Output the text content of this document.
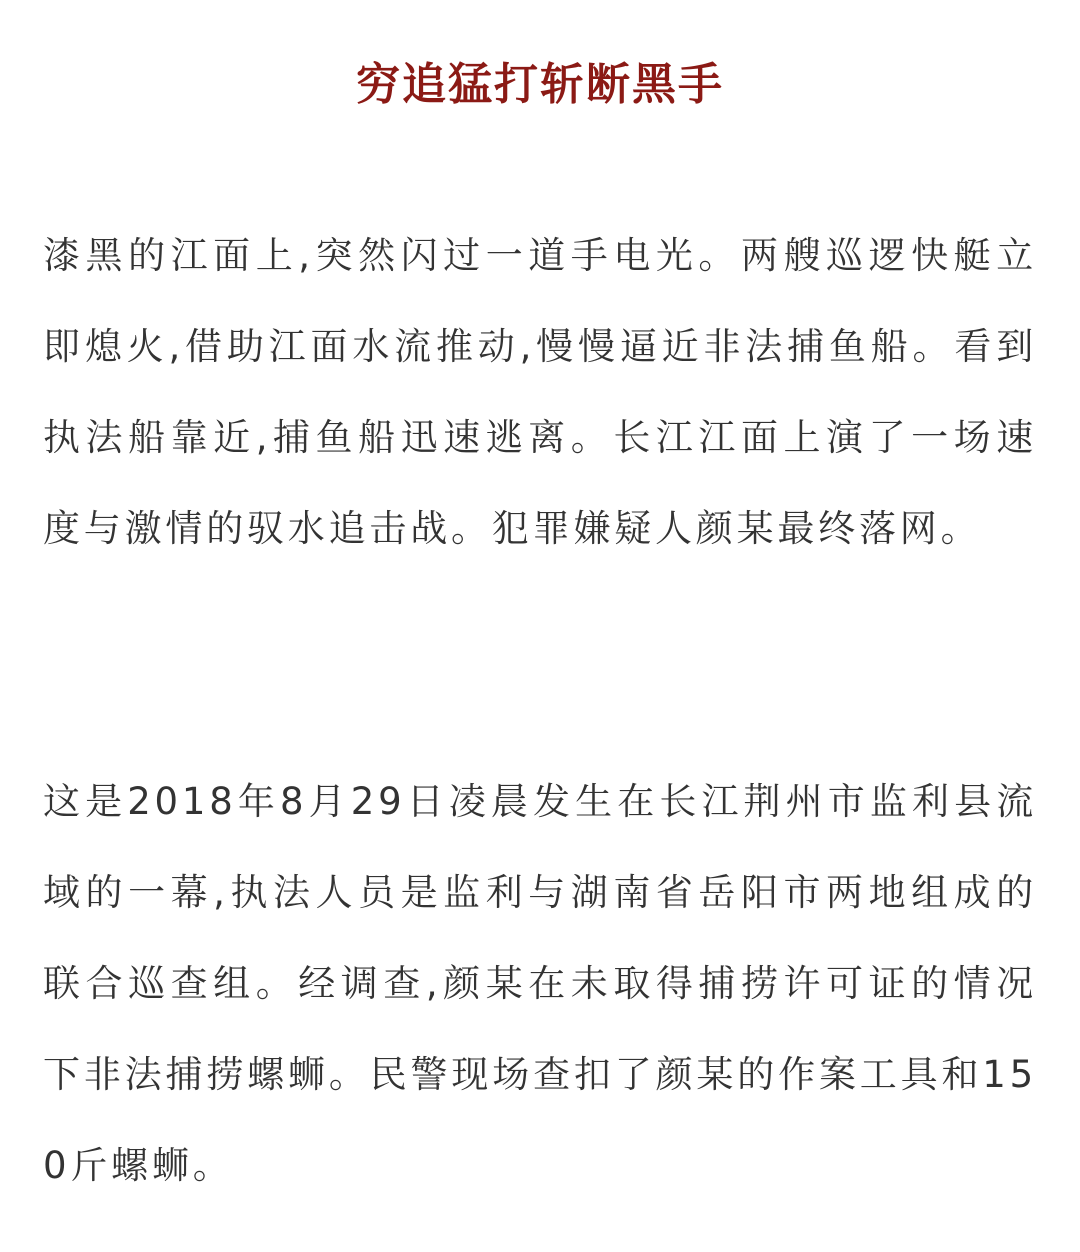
穷追猛打斩断黑手

漆黑的江面上,突然闪过一道手电光。两艘巡逻快艇立即熄火,借助江面水流推动,慢慢逼近非法捕鱼船。看到执法船靠近,捕鱼船迅速逃离。长江江面上演了一场速度与激情的驭水追击战。犯罪嫌疑人颜某最终落网。

这是2018年8月29日凌晨发生在长江荆州市监利县流域的一幕,执法人员是监利与湖南省岳阳市两地组成的联合巡查组。经调查,颜某在未取得捕捞许可证的情况下非法捕捞螺蛳。民警现场查扣了颜某的作案工具和150斤螺蛳。
